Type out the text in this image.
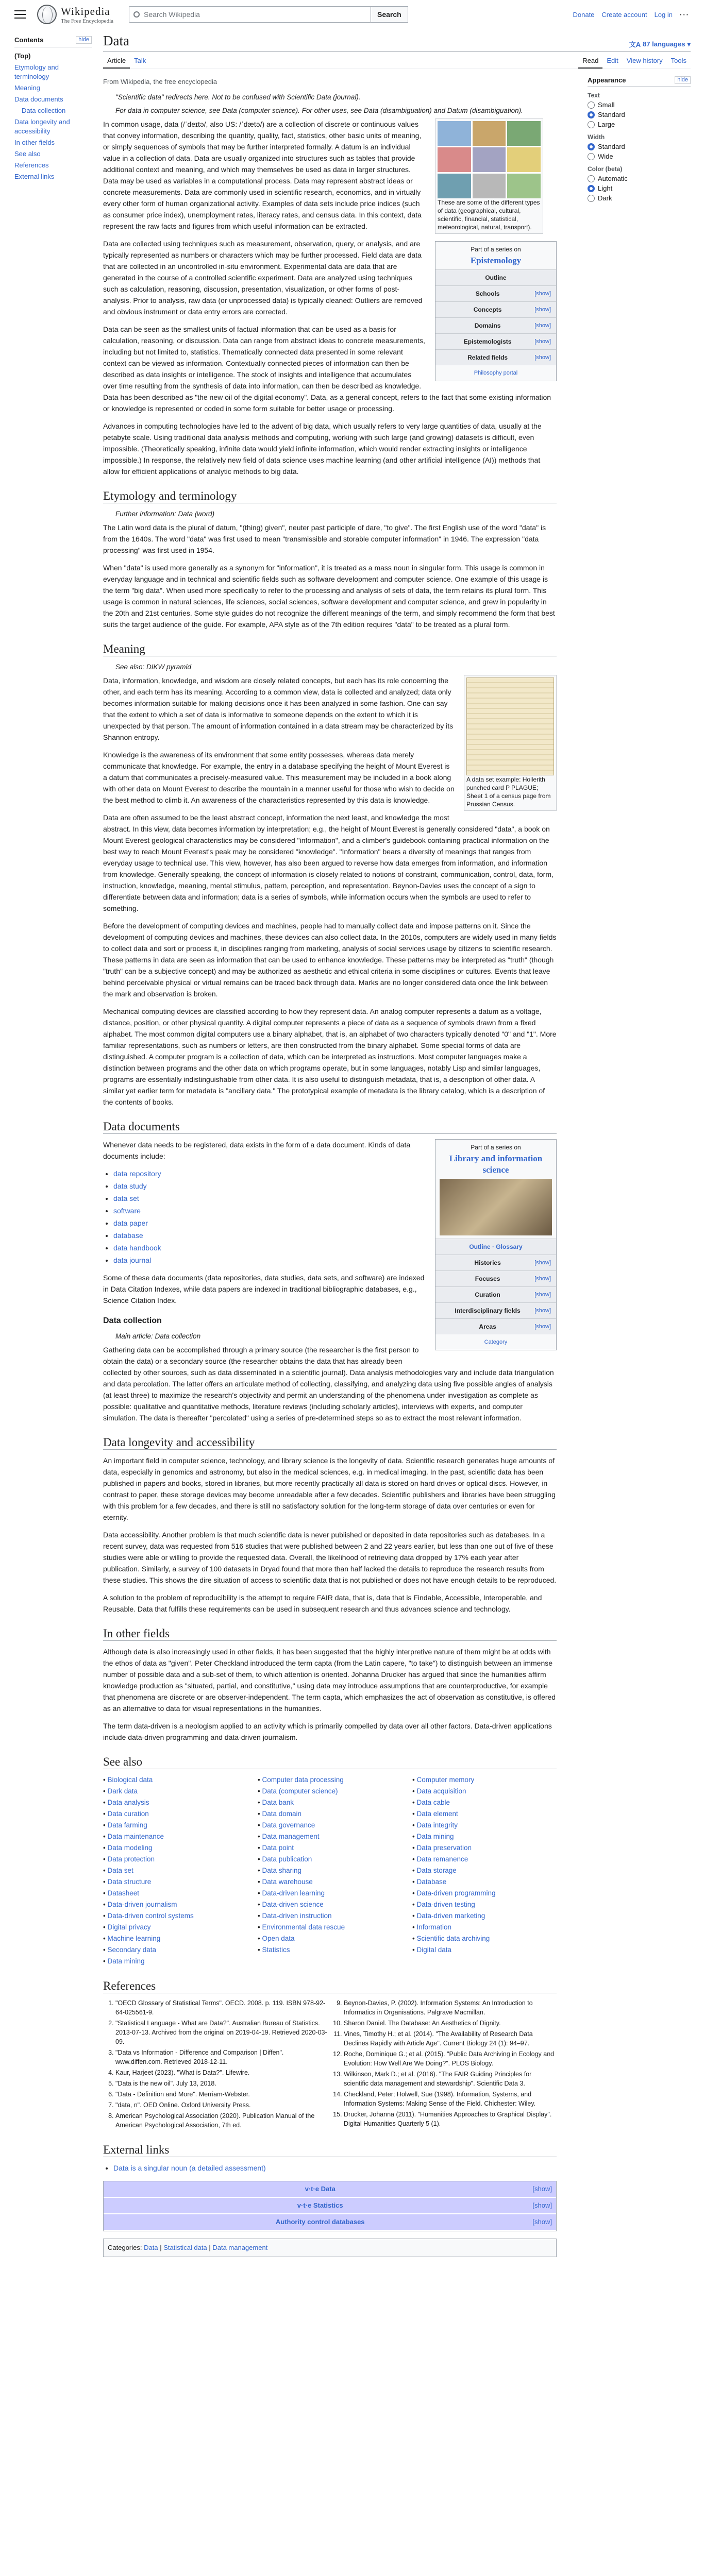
Wikipedia
The Free Encyclopedia
Search Wikipedia	Search	Donate Create account Log in ···
Contents	hide
(Top)
Etymology and terminology
Meaning
Data documents
Data collection
Data longevity and accessibility
In other fields
See also
References
External links
Data	文A 87 languages ▾
Article	Talk	Read	Edit	View history	Tools
From Wikipedia, the free encyclopedia
"Scientific data" redirects here. Not to be confused with Scientific Data (journal).
For data in computer science, see Data (computer science). For other uses, see Data (disambiguation) and Datum (disambiguation).
These are some of the different types of data (geographical, cultural, scientific, financial, statistical, meteorological, natural, transport).
Part of a series on
Epistemology
Outline
Schools	[show]
Concepts	[show]
Domains	[show]
Epistemologists	[show]
Related fields	[show]
Philosophy portal

In common usage, data (/ˈdeɪtə/, also US: /ˈdætə/) are a collection of discrete or continuous values that convey information, describing the quantity, quality, fact, statistics, other basic units of meaning, or simply sequences of symbols that may be further interpreted formally. A datum is an individual value in a collection of data. Data are usually organized into structures such as tables that provide additional context and meaning, and which may themselves be used as data in larger structures. Data may be used as variables in a computational process. Data may represent abstract ideas or concrete measurements. Data are commonly used in scientific research, economics, and in virtually every other form of human organizational activity. Examples of data sets include price indices (such as consumer price index), unemployment rates, literacy rates, and census data. In this context, data represent the raw facts and figures from which useful information can be extracted.

Data are collected using techniques such as measurement, observation, query, or analysis, and are typically represented as numbers or characters which may be further processed. Field data are data that are collected in an uncontrolled in-situ environment. Experimental data are data that are generated in the course of a controlled scientific experiment. Data are analyzed using techniques such as calculation, reasoning, discussion, presentation, visualization, or other forms of post-analysis. Prior to analysis, raw data (or unprocessed data) is typically cleaned: Outliers are removed and obvious instrument or data entry errors are corrected.

Data can be seen as the smallest units of factual information that can be used as a basis for calculation, reasoning, or discussion. Data can range from abstract ideas to concrete measurements, including but not limited to, statistics. Thematically connected data presented in some relevant context can be viewed as information. Contextually connected pieces of information can then be described as data insights or intelligence. The stock of insights and intelligence that accumulates over time resulting from the synthesis of data into information, can then be described as knowledge. Data has been described as "the new oil of the digital economy". Data, as a general concept, refers to the fact that some existing information or knowledge is represented or coded in some form suitable for better usage or processing.

Advances in computing technologies have led to the advent of big data, which usually refers to very large quantities of data, usually at the petabyte scale. Using traditional data analysis methods and computing, working with such large (and growing) datasets is difficult, even impossible. (Theoretically speaking, infinite data would yield infinite information, which would render extracting insights or intelligence impossible.) In response, the relatively new field of data science uses machine learning (and other artificial intelligence (AI)) methods that allow for efficient applications of analytic methods to big data.

Etymology and terminology
Further information: Data (word)

The Latin word data is the plural of datum, "(thing) given", neuter past participle of dare, "to give". The first English use of the word "data" is from the 1640s. The word "data" was first used to mean "transmissible and storable computer information" in 1946. The expression "data processing" was first used in 1954.

When "data" is used more generally as a synonym for "information", it is treated as a mass noun in singular form. This usage is common in everyday language and in technical and scientific fields such as software development and computer science. One example of this usage is the term "big data". When used more specifically to refer to the processing and analysis of sets of data, the term retains its plural form. This usage is common in natural sciences, life sciences, social sciences, software development and computer science, and grew in popularity in the 20th and 21st centuries. Some style guides do not recognize the different meanings of the term, and simply recommend the form that best suits the target audience of the guide. For example, APA style as of the 7th edition requires "data" to be treated as a plural form.

Meaning
See also: DIKW pyramid
A data set example: Hollerith punched card P PLAGUE; Sheet 1 of a census page from Prussian Census.

Data, information, knowledge, and wisdom are closely related concepts, but each has its role concerning the other, and each term has its meaning. According to a common view, data is collected and analyzed; data only becomes information suitable for making decisions once it has been analyzed in some fashion. One can say that the extent to which a set of data is informative to someone depends on the extent to which it is unexpected by that person. The amount of information contained in a data stream may be characterized by its Shannon entropy.

Knowledge is the awareness of its environment that some entity possesses, whereas data merely communicate that knowledge. For example, the entry in a database specifying the height of Mount Everest is a datum that communicates a precisely-measured value. This measurement may be included in a book along with other data on Mount Everest to describe the mountain in a manner useful for those who wish to decide on the best method to climb it. An awareness of the characteristics represented by this data is knowledge.

Data are often assumed to be the least abstract concept, information the next least, and knowledge the most abstract. In this view, data becomes information by interpretation; e.g., the height of Mount Everest is generally considered "data", a book on Mount Everest geological characteristics may be considered "information", and a climber's guidebook containing practical information on the best way to reach Mount Everest's peak may be considered "knowledge". "Information" bears a diversity of meanings that ranges from everyday usage to technical use. This view, however, has also been argued to reverse how data emerges from information, and information from knowledge. Generally speaking, the concept of information is closely related to notions of constraint, communication, control, data, form, instruction, knowledge, meaning, mental stimulus, pattern, perception, and representation. Beynon-Davies uses the concept of a sign to differentiate between data and information; data is a series of symbols, while information occurs when the symbols are used to refer to something.

Before the development of computing devices and machines, people had to manually collect data and impose patterns on it. Since the development of computing devices and machines, these devices can also collect data. In the 2010s, computers are widely used in many fields to collect data and sort or process it, in disciplines ranging from marketing, analysis of social services usage by citizens to scientific research. These patterns in data are seen as information that can be used to enhance knowledge. These patterns may be interpreted as "truth" (though "truth" can be a subjective concept) and may be authorized as aesthetic and ethical criteria in some disciplines or cultures. Events that leave behind perceivable physical or virtual remains can be traced back through data. Marks are no longer considered data once the link between the mark and observation is broken.

Mechanical computing devices are classified according to how they represent data. An analog computer represents a datum as a voltage, distance, position, or other physical quantity. A digital computer represents a piece of data as a sequence of symbols drawn from a fixed alphabet. The most common digital computers use a binary alphabet, that is, an alphabet of two characters typically denoted "0" and "1". More familiar representations, such as numbers or letters, are then constructed from the binary alphabet. Some special forms of data are distinguished. A computer program is a collection of data, which can be interpreted as instructions. Most computer languages make a distinction between programs and the other data on which programs operate, but in some languages, notably Lisp and similar languages, programs are essentially indistinguishable from other data. It is also useful to distinguish metadata, that is, a description of other data. A similar yet earlier term for metadata is "ancillary data." The prototypical example of metadata is the library catalog, which is a description of the contents of books.

Data documents
Part of a series on
Library and information science
Outline · Glossary
Histories	[show]
Focuses	[show]
Curation	[show]
Interdisciplinary fields	[show]
Areas	[show]
Category

Whenever data needs to be registered, data exists in the form of a data document. Kinds of data documents include:

• data repository
• data study
• data set
• software
• data paper
• database
• data handbook
• data journal

Some of these data documents (data repositories, data studies, data sets, and software) are indexed in Data Citation Indexes, while data papers are indexed in traditional bibliographic databases, e.g., Science Citation Index.

Data collection
Main article: Data collection

Gathering data can be accomplished through a primary source (the researcher is the first person to obtain the data) or a secondary source (the researcher obtains the data that has already been collected by other sources, such as data disseminated in a scientific journal). Data analysis methodologies vary and include data triangulation and data percolation. The latter offers an articulate method of collecting, classifying, and analyzing data using five possible angles of analysis (at least three) to maximize the research's objectivity and permit an understanding of the phenomena under investigation as complete as possible: qualitative and quantitative methods, literature reviews (including scholarly articles), interviews with experts, and computer simulation. The data is thereafter "percolated" using a series of pre-determined steps so as to extract the most relevant information.

Data longevity and accessibility

An important field in computer science, technology, and library science is the longevity of data. Scientific research generates huge amounts of data, especially in genomics and astronomy, but also in the medical sciences, e.g. in medical imaging. In the past, scientific data has been published in papers and books, stored in libraries, but more recently practically all data is stored on hard drives or optical discs. However, in contrast to paper, these storage devices may become unreadable after a few decades. Scientific publishers and libraries have been struggling with this problem for a few decades, and there is still no satisfactory solution for the long-term storage of data over centuries or even for eternity.

Data accessibility. Another problem is that much scientific data is never published or deposited in data repositories such as databases. In a recent survey, data was requested from 516 studies that were published between 2 and 22 years earlier, but less than one out of five of these studies were able or willing to provide the requested data. Overall, the likelihood of retrieving data dropped by 17% each year after publication. Similarly, a survey of 100 datasets in Dryad found that more than half lacked the details to reproduce the research results from these studies. This shows the dire situation of access to scientific data that is not published or does not have enough details to be reproduced.

A solution to the problem of reproducibility is the attempt to require FAIR data, that is, data that is Findable, Accessible, Interoperable, and Reusable. Data that fulfills these requirements can be used in subsequent research and thus advances science and technology.

In other fields

Although data is also increasingly used in other fields, it has been suggested that the highly interpretive nature of them might be at odds with the ethos of data as "given". Peter Checkland introduced the term capta (from the Latin capere, "to take") to distinguish between an immense number of possible data and a sub-set of them, to which attention is oriented. Johanna Drucker has argued that since the humanities affirm knowledge production as "situated, partial, and constitutive," using data may introduce assumptions that are counterproductive, for example that phenomena are discrete or are observer-independent. The term capta, which emphasizes the act of observation as constitutive, is offered as an alternative to data for visual representations in the humanities.

The term data-driven is a neologism applied to an activity which is primarily compelled by data over all other factors. Data-driven applications include data-driven programming and data-driven journalism.

See also
• Biological data	• Computer data processing	• Computer memory
• Dark data	• Data (computer science)	• Data acquisition
• Data analysis	• Data bank	• Data cable
• Data curation	• Data domain	• Data element
• Data farming	• Data governance	• Data integrity
• Data maintenance	• Data management	• Data mining
• Data modeling	• Data point	• Data preservation
• Data protection	• Data publication	• Data remanence
• Data set	• Data sharing	• Data storage
• Data structure	• Data warehouse	• Database
• Datasheet	• Data-driven learning	• Data-driven programming
• Data-driven journalism	• Data-driven science	• Data-driven testing
• Data-driven control systems	• Data-driven instruction	• Data-driven marketing
• Digital privacy	• Environmental data rescue	• Information
• Machine learning	• Open data	• Scientific data archiving
• Secondary data	• Statistics	• Digital data
• Data mining
References
1. "OECD Glossary of Statistical Terms". OECD. 2008. p. 119. ISBN 978-92-64-025561-9.
2. "Statistical Language - What are Data?". Australian Bureau of Statistics. 2013-07-13. Archived from the original on 2019-04-19. Retrieved 2020-03-09.
3. "Data vs Information - Difference and Comparison | Diffen". www.diffen.com. Retrieved 2018-12-11.
4. Kaur, Harjeet (2023). "What is Data?". Lifewire.
5. "Data is the new oil". July 13, 2018.
6. "Data - Definition and More". Merriam-Webster.
7. "data, n". OED Online. Oxford University Press.
8. American Psychological Association (2020). Publication Manual of the American Psychological Association, 7th ed.
9. Beynon-Davies, P. (2002). Information Systems: An Introduction to Informatics in Organisations. Palgrave Macmillan.
10. Sharon Daniel. The Database: An Aesthetics of Dignity.
11. Vines, Timothy H.; et al. (2014). "The Availability of Research Data Declines Rapidly with Article Age". Current Biology 24 (1): 94–97.
12. Roche, Dominique G.; et al. (2015). "Public Data Archiving in Ecology and Evolution: How Well Are We Doing?". PLOS Biology.
13. Wilkinson, Mark D.; et al. (2016). "The FAIR Guiding Principles for scientific data management and stewardship". Scientific Data 3.
14. Checkland, Peter; Holwell, Sue (1998). Information, Systems, and Information Systems: Making Sense of the Field. Chichester: Wiley.
15. Drucker, Johanna (2011). "Humanities Approaches to Graphical Display". Digital Humanities Quarterly 5 (1).
External links
• Data is a singular noun (a detailed assessment)
v·t·e Data	[show]
v·t·e Statistics	[show]
Authority control databases	[show]
Categories: Data | Statistical data | Data management
Appearance	hide
Text
Small
Standard
Large
Width
Standard
Wide
Color (beta)
Automatic
Light
Dark
